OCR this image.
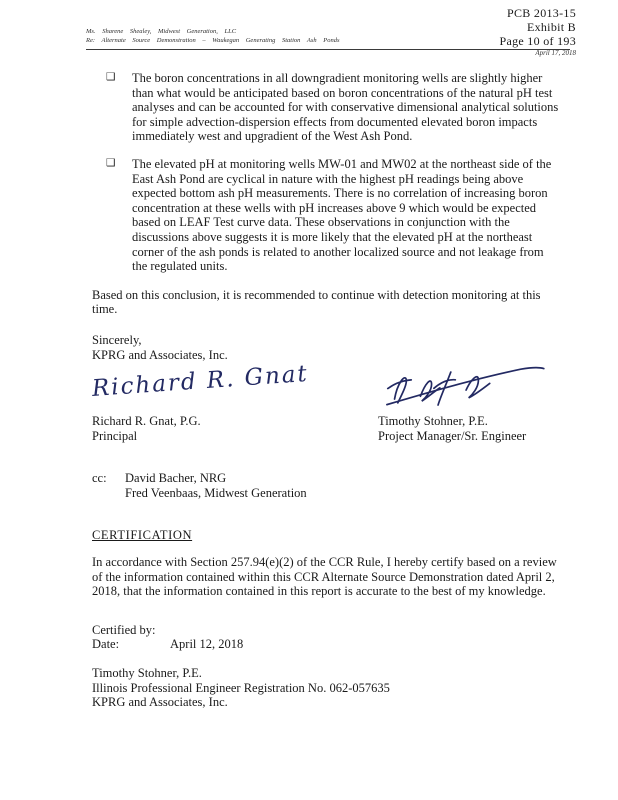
PCB 2013-15
Exhibit B
Page 10 of 193
April 17, 2018
Ms. Sharene Shealey, Midwest Generation, LLC
Re: Alternate Source Demonstration – Waukegan Generating Station Ash Ponds
❑	The boron concentrations in all downgradient monitoring wells are slightly higher than what would be anticipated based on boron concentrations of the natural pH test analyses and can be accounted for with conservative dimensional analytical solutions for simple advection-dispersion effects from documented elevated boron impacts immediately west and upgradient of the West Ash Pond.

❑	The elevated pH at monitoring wells MW-01 and MW02 at the northeast side of the East Ash Pond are cyclical in nature with the highest pH readings being above expected bottom ash pH measurements. There is no correlation of increasing boron concentration at these wells with pH increases above 9 which would be expected based on LEAF Test curve data. These observations in conjunction with the discussions above suggests it is more likely that the elevated pH at the northeast corner of the ash ponds is related to another localized source and not leakage from the regulated units.

Based on this conclusion, it is recommended to continue with detection monitoring at this time.

Sincerely,
KPRG and Associates, Inc.
Richard R. Gnat
Richard R. Gnat, P.G.
Principal
Timothy Stohner, P.E.
Project Manager/Sr. Engineer
cc:	David Bacher, NRG
Fred Veenbaas, Midwest Generation
CERTIFICATION

In accordance with Section 257.94(e)(2) of the CCR Rule, I hereby certify based on a review of the information contained within this CCR Alternate Source Demonstration dated April 2, 2018, that the information contained in this report is accurate to the best of my knowledge.

Certified by:
Date:	April 12, 2018
Timothy Stohner, P.E.
Illinois Professional Engineer Registration No. 062-057635
KPRG and Associates, Inc.
